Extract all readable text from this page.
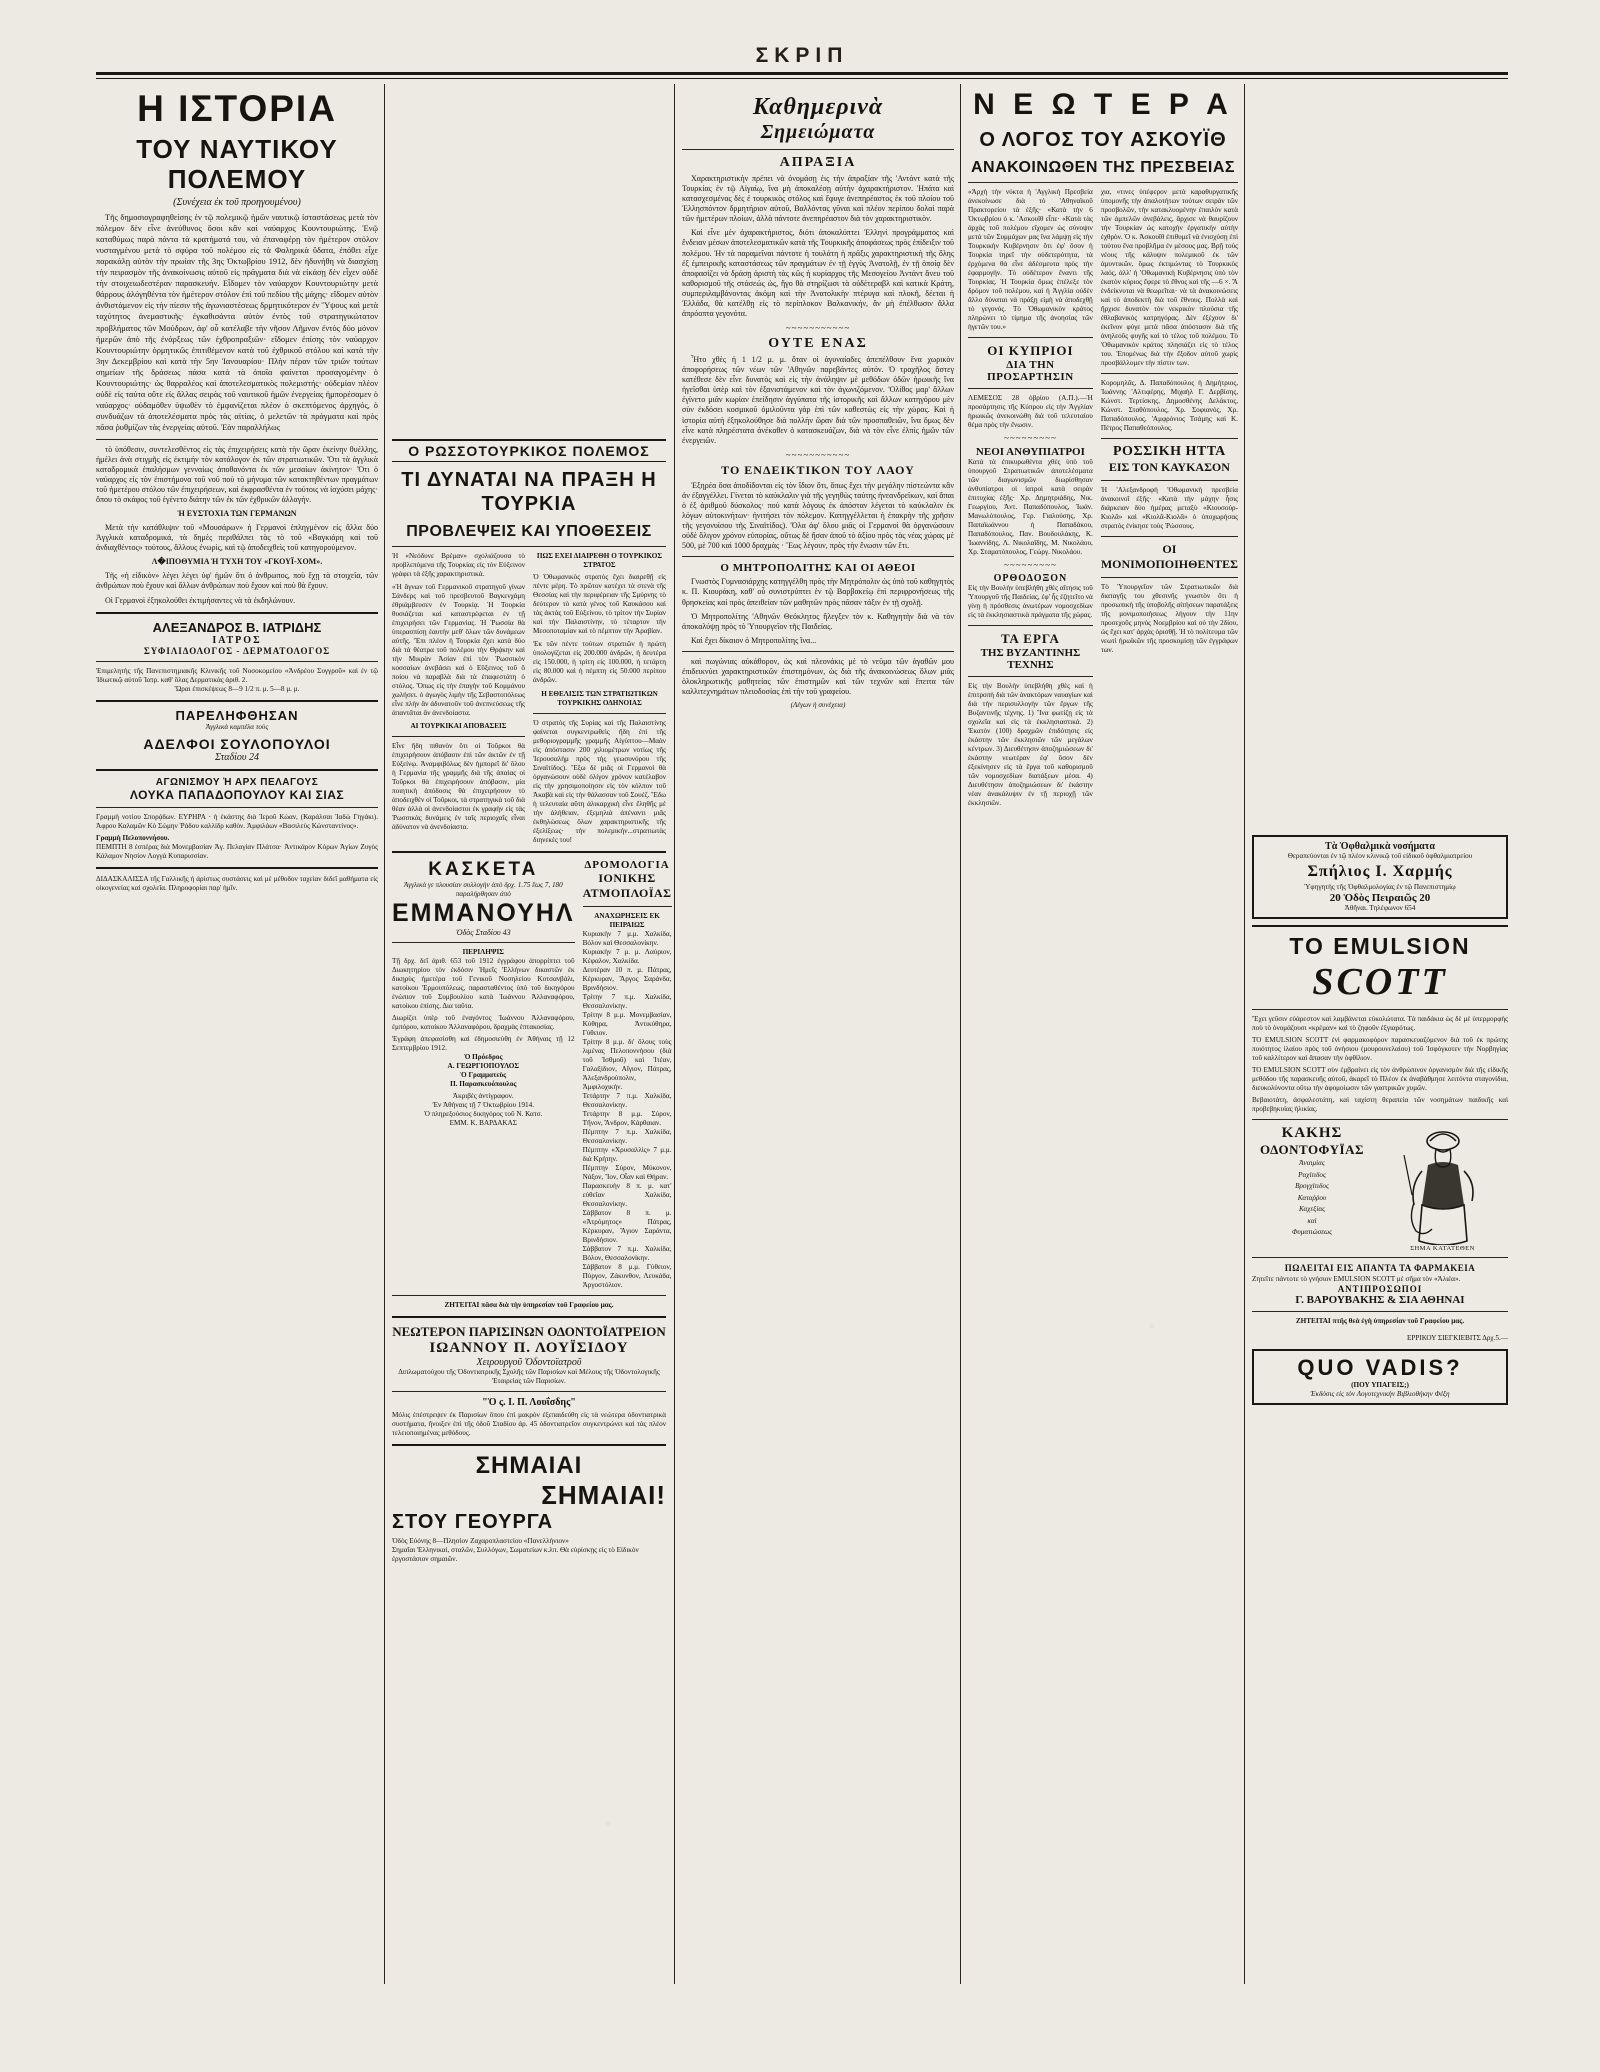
ΣΚΡΙΠ
Η ΙΣΤΟΡΙΑ
ΤΟΥ ΝΑΥΤΙΚΟΥ ΠΟΛΕΜΟΥ
(Συνέχεια ἐκ τοῦ προηγουμένου)

Τῆς δημοσιογραφηθείσης ἐν τῷ πολεμικῷ ἡμῶν ναυτικῷ ἰσταστάσεως μετὰ τὸν πόλεμον δὲν εἶνε ἀνεύθυνος ὅσοι κἂν καὶ ναύαρχος Κουντουριώτης. Ἐνῷ καταθύμως παρὰ πάντα τὰ κρατήματά του, νὰ ἐπαναφέρῃ τὸν ἡμέτερον στόλον νυσταγμένου μετὰ τὸ σφύρα τοῦ πολέμου εἰς τὰ Φαληρικὰ ὕδατα, ἐπόθει εἶχε παρακάλῃ αὐτὸν τὴν πρωίαν τῆς 3ης Ὀκτωβρίου 1912, δὲν ἠδυνήθη νὰ διασχίσῃ τὴν πειρασμὸν τῆς ἀνακοίνωσις αὐτοῦ εἰς πρᾶγματα διὰ νὰ εἰκάσῃ δὲν εἶχεν οὐδὲ τὴν στοιχειωδεστέραν παρασκευήν. Εἶδομεν τὸν ναύαρχον Κουντουριώτην μετὰ θάρρους ἀλόγηθέντα τὸν ἡμέτερον στόλον ἐπὶ τοῦ πεδίου τῆς μάχης· εἴδομεν αὐτὸν ἀνθιστάμενον εἰς τὴν πίεσιν τῆς ἀγωνιαστέσεως δρμητικότερον ἐν Ὕψους καὶ μετὰ ταχύτητος ἀνεμαστικῆς· ἐγκαθισάντα αὐτὸν ἐντὸς τοῦ στρατηγικώτατον προβλήματος τῶν Μούδρων, ἀφ' οὗ κατέλαβε τὴν νῆσον Λῆμνον ἐντὸς δύο μόνον ἡμερῶν ἀπὸ τῆς ἐνάρξεως τῶν ἐχθροπραξιῶν· εἴδομεν ἐπίσης τὸν ναύαρχον Κουντουριώτην ὁρμητικῶς ἐπιτιθέμενον κατὰ τοῦ ἐχθρικοῦ στόλου καὶ κατὰ τὴν 3ην Δεκεμβρίου καὶ κατὰ τὴν 5ην Ἰανουαρίου· Πλὴν πέραν τῶν τριῶν τούτων σημείων τῆς δράσεως πάσα κατὰ τὰ ὁποῖα φαίνεται προσαγομένην ὁ Κουντουριώτης· ὡς θαρραλέος καὶ ἀποτελεσματικὸς πολεμιστής· οὐδεμίαν πλέον οὐδὲ εἰς ταύτα οὔτε εἰς ἄλλας σειρὰς τοῦ ναυτικοῦ ἡμῶν ἐνεργείας ἠμπορέσαμεν ὁ ναύαρχος· οὐδαμόθεν ὑψωθὲν τὸ ἐμφανίζεται πλέον ὁ σκεπτόμενος ἀρχηγός, ὁ συνδυάζων τὰ ἀποτελέσματα πρὸς τὰς αἰτίας, ὁ μελετῶν τὰ πράγματα καὶ πρὸς πᾶσα ῥυθμίζων τὰς ἐνεργείας αὐτοῦ. Ἐὰν παραλλήλως

τὸ ὑπόθεσιν, συντελεσθέντος εἰς τὰς ἐπιχειρήσεις κατὰ τὴν ὥραν ἐκείνην θυέλλης, ἠμέλει ἀνὰ στιγμῆς εἰς ἐκτιμήν τὸν κατάλογον ἐκ τῶν στρατιωτικῶν. Ὅτι τὰ ἀγγλικὰ καταδρομικὰ ἐπαλήσμων γενναίως ἀποθανόντα ἐκ τῶν μεσαίων ἀκίνητον· Ὅτι ὁ ναύαρχος εἰς τὸν ἐπιστήμονα τοῦ νοῦ ποὺ τὸ μήνυμα τῶν κατακτηθέντων πραγμάτων τοῦ ἡμετέρου στόλου τῶν ἐπιχειρήσεων, καὶ ἐκφρασθέντα ἐν τούτοις νὰ ἰσχύσει μάχης· ὅπου τὸ σκάφος τοῦ ἐγένετο διάτην τῶν ἐκ τῶν ἐχθρικῶν ἀλλαγήν.

Ἡ ΕΥΣΤΟΧΙΑ ΤΩΝ ΓΕΡΜΑΝΩΝ

Μετὰ τὴν κατάθλιψιν τοῦ «Μουσάρων» ἡ Γερμανοὶ ἐπληγμένον εἰς ἄλλα δύο Ἀγγλικὰ καταδρομικά, τὰ δημὲς περιθάλπει τὰς τὸ τοῦ «Βαγκιάρη καὶ τοῦ ἀνδιαχθέντος» τούτους, ἄλλους ἐνωρίς, καὶ τῷ ἀποδειχθεὶς τοῦ κατηγορούμενον.

Λ�ΙΠΟΘΥΜΙΑ Ἡ ΤΥΧΗ ΤΟΥ «ΓΚΟΥΪ-ΧΟΜ».

Τῆς «ἡ εἰδικὸν» λέγει λέγει ὑφ' ἡμῶν ὅτι ὁ ἀνθρωπος, ποὺ ἔχῃ τὰ στοιχεῖα, τῶν ἀνθρώπων ποὺ ἔχουν καὶ ἄλλων ἀνθρώπων ποὺ ἔχουν καὶ ποὺ θὰ ἔχουν.

Οἱ Γερμανοὶ ἐξηκολούθει ἐκτιμήσαντες νὰ τὰ ἐκδηλώνουν.

ΑΛΕΞΑΝΔΡΟΣ Β. ΙΑΤΡΙΔΗΣ
ΙΑΤΡΟΣ
ΣΥΦΙΛΙΔΟΛΟΓΟΣ - ΔΕΡΜΑΤΟΛΟΓΟΣ
Ἐπιμελητὴς τῆς Πανεπιστημιακῆς Κλινικῆς τοῦ Νοσοκομείου «Ἀνδρέου Συγγροῦ» καὶ ἐν τῷ Ἰδιωτικῷ αὐτοῦ Ἰατρ. καθ' ὅλας Δερματικὰς ἀριθ. 2.
Ὥραι ἐπισκέψεως 8—9 1/2 π. μ. 5—8 μ. μ.
ΠΑΡΕΛΗΦΘΗΣΑΝ
Ἀγγλικὰ καμπέλα τοὺς
ΑΔΕΛΦΟΙ ΣΟΥΛΟΠΟΥΛΟΙ
Σταδίου 24
ΑΓΩΝΙΣΜΟΥ Ἡ ΑΡΧ ΠΕΛΑΓΟΥΣ
ΛΟΥΚΑ ΠΑΠΑΔΟΠΟΥΛΟΥ ΚΑΙ ΣΙΑΣ
Γραμμὴ νοτίου Σπορᾴδων. ΕΥΡΗΡΑ · ἡ ἑκάστης διὰ Ἱεροῦ Κώαν, (Καράλσαι Ἰαδὼ Γηγάκι). Ἀφρου Καλαμῶν Κὸ Σώμην Ῥάδου καλλίδρ καθὸν. Ἀμφιλάων «Βασιλεὺς Κώνσταντίνος».
Γραμμὴ Πελοποννήσου.
ΠΕΜΠΤΗ 8 ἑσπέρας διὰ Μονεμβασίαν Ἀγ. Πελαγίαν Πλάτσα· Ἀντικάρον Κόρων Ἁγίων Ζυγὸς Κάλαμον Νησίον Λογγὰ Κυπαρισσίαν.
ΔΙΔΑΣΚΑΛΙΣΣΑ τῆς Γαλλικῆς ἡ ἀρίστως συστάσεις καὶ μὲ μέθοδον ταχείαν διδεῖ μαθήματα εἰς οἰκογενείας καὶ σχολεῖα. Πληροφορίαι παρ' ἡμῖν.
Ο ΡΩΣΣΟΤΟΥΡΚΙΚΟΣ ΠΟΛΕΜΟΣ
ΤΙ ΔΥΝΑΤΑΙ ΝΑ ΠΡΑΞΗ Η ΤΟΥΡΚΙΑ
ΠΡΟΒΛΕΨΕΙΣ ΚΑΙ ΥΠΟΘΕΣΕΙΣ
Ἡ «Νεόδυνε Βρέμαν» σχολιάζουσα τὸ προβλεπόμενα τῆς Τουρκίας εἰς τὸν Εὐξεινον γράφει τὰ ἐξῆς χαρακτηριστικά.
«Ἡ ἄγνων τοῦ Γερμανικοῦ στρατηγοῦ γίνων Σάνδερς καὶ τοῦ πρεσβευτοῦ Βαγκενχάμη ἐθριάμβευσεν ἐν Τουρκίᾳ. Ἡ Τουρκία θυσιάζεται καὶ καταστρέφεται ἐν τῇ ἐπιχειρήσει τῶν Γερμανίας. Ἡ Ῥωσσία θὰ ὑπερασπίσῃ ἑαυτὴν μεθ' ὅλων τῶν δυνάμεων αὐτῆς. Ἔπι πλέον ἡ Τουρκία ἔχει κατὰ δύο διὰ τὰ θέατρα τοῦ πολέμου τὴν Θρᾴκην καὶ τὴν Μικρὰν Ἀσίαν ἐπὶ τὸν Ῥωσσικὸν κοσσαίων ἀνεβάσει καὶ ὁ Εὔξεινος τοῦ ὅ ποίου νὰ παραβλὰ διὰ τὰ ἐπαφεστάτη ὁ στόλος. Ὅπως εἰς τὴν ἐπαγὴν τοῦ Κομμάνου χωλήσει. ὁ ἀγωγὸς λιμὴν τῆς Σεβαστοπόλεως εἶνε πλὴν ἂν ἀδυνατοῦν τοῦ ἀνεπνεύσεως τῆς ἀπαντᾶται ἂν ἀνενδοίαστα.
ΑΙ ΤΟΥΡΚΙΚΑΙ ΑΠΟΒΑΣΕΙΣ
Εἶνε ἤδη πιθανὸν ὅτι οἱ Τοῦρκοι θὰ ἐπιχειρήσουν ἀπόβασιν ἐπὶ τῶν ἀκτῶν ἐν τῇ Εὐξείνῳ. Ἀναμφιβόλως δὲν ἠμπορεῖ δι' ὅλου ἡ Γερμανία τῆς γραμμῆς διὰ τῆς ἀπαίας οἱ Τοῦρκοι θὰ ἐπιχειρήσουν ἀπόβασιν, μία ποιητικὴ ἀπόδοσις θὰ ἐπιχειρήσουν τὸ ἀποδειχθὲν οἱ Τοῦρκοι, τὰ στρατηγικὰ τοῦ διὰ θέαν ἀλλὰ οἱ ἀνενδοίαστοι ἐκ γραφὴν εἰς τὰς Ῥωσσικὰς δυνάμεις ἐν ταῖς περιοχαῖς εἶναι ἀδύνατον νὰ ἀνενδοίαστα.
ΠΩΣ ΕΧΕΙ ΔΙΑΙΡΕΘΗ Ο ΤΟΥΡΚΙΚΟΣ ΣΤΡΑΤΟΣ
Ὁ Ὀθωμανικὸς στρατὸς ἔχει διαιρεθῇ εἰς πέντε μέρη. Τὸ πρῶτον κατέχει τὰ στενὰ τῆς Θεσσίας καὶ τὴν περιφέρειαν τῆς Σμύρνης τὸ δεύτερον τὸ κατὰ γένος τοῦ Καυκάσου καὶ τὰς ἀκτὰς τοῦ Εὐξείνου, τὸ τρίτον τὴν Συρίαν καὶ τὴν Παλαιστίνην, τὸ τέταρτον τὴν Μεσοποταμίαν καὶ τὸ πέμπτον τὴν Ἀραβίαν.
Ἐκ τῶν πέντε τούτων στρατιῶν ἡ πρώτη ὑπολογίζεται εἰς 200.000 ἀνδρῶν, ἡ δευτέρα εἰς 150.000, ἡ τρίτη εἰς 100.000, ἡ τετάρτη εἰς 80.000 καὶ ἡ πέμπτη εἰς 50.000 περίπου ἀνδρῶν.
Η ΕΘΕΛΙΣΙΣ ΤΩΝ ΣΤΡΑΤΙΩΤΙΚΩΝ ΤΟΥΡΚΙΚΗΣ ΟΔΗΝΟΙΑΣ
Ὁ στρατὸς τῆς Συρίας καὶ τῆς Παλαιστίνης φαίνεται συγκεντρωθεὶς ἤδη ἐπὶ τῆς μεθοριογραμμῆς γραμμῆς Αἰγύπτου—Μαὰν εἰς ἀπόστασιν 200 χιλιομέτρων νοτίως τῆς Ἱερουσαλὴμ πρὸς τὴς γεωσυνόρου τῆς Σιναϊτίδος). Ἕξω δὲ μιᾶς οἱ Γερμανοὶ θὰ ὀργανώσουν οὐδὲ ὀλίγον χρόνον κατέλαβον εἰς τὴν χρησιμοποίησιν εἰς τὸν κόλπον τοῦ Ἀκαβὰ καὶ εἰς τὴν θάλασσαν τοῦ Σουέζ. Ἕδω ἡ τελευταία αὕτη ἀλικαρχικὴ εἶνε ἔληθῆς μὲ τὴν ἀλήθειαν, ἐξεμηλιὰ ἀπέναντι μιᾶς ἐκθηλώσεως ὅλων χαρακτηριστικῆς τῆς ἐξελίξεως· τὴν πολεμικήν...στρατιωτὰς διηνεκὲς του!
ΚΑΣΚΕΤΑ
Ἀγγλικὰ γε πλουσίαν συλλογὴν ἀπὸ δρχ. 1.75 ἕως 7, 180 παραλήρθησαν ἀπὸ
ΕΜΜΑΝΟΥΗΛ
Ὁδὸς Σταδίου 43
ΠΕΡΙΛΗΨΙΣ
Τῇ δρχ. δεῖ ἀριθ. 653 τοῦ 1912 ἐγγράφου ἀπορρίπτει τοῦ Διωκητηρίου τὸν ἐκδόσιν Ἡμεῖς Ἑλλήνων δικαστῶν ἐκ δικηρὺς ἡμετέρα τοῦ Γενικοῦ Νοσηλείου Κοτσανβάλι, κατοίκου 'Ερμουπόλεως, παρασταθέντος ὑπὸ τοῦ δικηγόρου ἐνώπιον τοῦ Συμβουλίου κατὰ Ἰωάννου Ἀλλαναφόρου, κατοίκου ἐπίσης. Δια ταῦτα.
Διωρίζει ὑπὲρ τοῦ ἐναγόντος Ἰωάννου Ἀλλαναφόρου, ἐμπόρου, κατοίκου Ἀλλαναφόρου, δραχμὰς ἑπτακοσίας.
Ἐγράφη ἀπεφασίσθη καὶ ἐδημοσιεύθη ἐν Ἀθήναις τῇ 12 Σεπτεμβρίου 1912.
Ὁ Πρόεδρος
Α. ΓΕΩΡΓΙΟΠΟΥΛΟΣ
Ὁ Γραμματεὺς
Π. Παρασκευόπουλος
Ἀκριβὲς ἀντίγραφον.
Ἐν Ἀθήναις τῇ 7 Ὀκτωβρίου 1914.
Ὁ πληρεξούσιος δικηγόρος τοῦ Ν. Κατσ.
ΕΜΜ. Κ. ΒΑΡΔΑΚΑΣ
ΔΡΟΜΟΛΟΓΙΑ
ΙΟΝΙΚΗΣ ΑΤΜΟΠΛΟΪΑΣ
ΑΝΑΧΩΡΗΣΕΙΣ ΕΚ ΠΕΙΡΑΙΩΣ
Κυριακὴν 7 μ.μ. Χαλκίδα, Βόλον καὶ Θεσσαλονίκην.
Κυριακὴν 7 μ. μ. Λαύριον, Κέφαλον, Χαλκίδα.
Δευτέραν 10 π. μ. Πάτρας, Κέρκυραν, Ἄργος Σαράνδα, Βρινδήσιον.
Τρίτην 7 π.μ. Χαλκίδα, Θεσσαλονίκην.
Τρίτην 8 μ.μ. Μονεμβασίαν, Κύθηρα, Ἀντικύθηρα, Γύθειον.
Τρίτην 8 μ.μ. δι' ὅλους τοὺς λιμένας Πελοποννήσου (διὰ τοῦ Ἰσθμοῦ) καὶ Ἰτέαν, Γαλαξίδιον, Αἴγιον, Πάτρας, Ἀλεξανδρούπολιν, Ἀμφιλοχικήν.
Τετάρτην 7 π.μ. Χαλκίδα, Θεσσαλονίκην.
Τετάρτην 8 μ.μ. Σύρον, Τῆνον, Ἄνδρον, Κάρθαιαν.
Πέμπτην 7 π.μ. Χαλκίδα, Θεσσαλονίκην.
Πέμπτην «Χρυσαλλὶς» 7 μ.μ. διὰ Κρήτην.
Πέμπτην Σύρον, Μύκονον, Νάξον, Ἴον, Οἶαν καὶ Θήραν.
Παρασκευὴν 8 π. μ. κατ' εὐθεῖαν Χαλκίδα, Θεσσαλονίκην.
Σάββατον 8 π. μ. «Ἀτρόμητος» Πάτρας, Κέρκυραν, Ἅγιον Σαράντα, Βρινδήσιον.
Σάββατον 7 π.μ. Χαλκίδα, Βόλον, Θεσσαλονίκην.
Σάββατον 8 μ.μ. Γύθειον, Πύργον, Ζάκυνθον, Λευκάδα, Ἀργοστόλιον.
ΖΗΤΕΙΤΑΙ πᾶσα διὰ τὴν ὑπηρεσίαν τοῦ Γραφείου μας.
ΝΕΩΤΕΡΟΝ ΠΑΡΙΣΙΝΩΝ ΟΔΟΝΤΟΪΑΤΡΕΙΟΝ
ΙΩΑΝΝΟΥ Π. ΛΟΥΪΣΙΔΟΥ
Χειρουργοῦ Ὀδοντοϊατροῦ
Διπλωματούχου τῆς Ὀδοντιατρικῆς Σχολῆς τῶν Παρισίων καὶ Μέλους τῆς Ὀδοντολογικῆς Ἑταιρείας τῶν Παρισίων.
"Ὁ ς. Ι. Π. Λουΐσδης"
Μόλις ἐπέστρεψεν ἐκ Παρισίων ὅπου ἐπὶ μακρὸν ἐξεπαιδεύθη εἰς τὰ νεώτερα ὀδοντιατρικὰ συστήματα, ἤνοιξεν ἐπὶ τῆς ὁδοῦ Σταδίου ἀρ. 45 ὀδοντιατρεῖον συγκεντρώνει καὶ τὰς πλέον τελειοποιημένας μεθόδους.
ΣΗΜΑΙΑΙ
ΣΗΜΑΙΑΙ!
ΣΤΟΥ ΓΕΟΥΡΓΑ
Ὁδὸς Εὐόνης 8—Πλησίον Ζαχαροπλαστείου «Πανελλήνιον»
Σημαῖαι Ἑλληνικαί, σταλῶν, Συλλόγων, Σωματείων κ.λπ. Θὰ εὑρίσκῃς εἰς τὸ Εἰδικὸν ἐργοστάσιον σημαιῶν.
Καθημερινὰ
Σημειώματα
ΑΠΡΑΞΙΑ

Χαρακτηριστικὴν πρέπει νὰ ὀνομάσῃ ἐις τὴν ἀπραξίαν τῆς 'Αντάντ κατὰ τῆς Τουρκίας ἐν τῷ Αἰγαίῳ, ἵνα μὴ ἀποκαλέσῃ αὐτὴν ἀχαρακτήριστον. Ἠπάτα καὶ κατασχεσμένας δὲς ἐ τουρκικὸς στόλος καὶ ἔφυγε ἀνεπηρέαστος ἐκ τοῦ πλοίου τοῦ Ἑλλησπόντον δρμητήριον αὐτοῦ, Βαλλόντας γῦναι καὶ πλέον περίπου δολαὶ παρὰ τῶν ἡμετέρων πλοίων, ἀλλὰ πάντοτε ἀνεπηρέαστον διὰ τὸν χαρακτηριστικὸν.

Καὶ εἶνε μὲν ἀχαρακτήριστος, διότι ἀποκαλύπτει Ἑλληνὶ προγράμματος καὶ ἔνδειαν μέσων ἀποτελεσματικῶν κατὰ τῆς Τουρκικῆς ἀποφάσεως πρὸς ἐπίδειξιν τοῦ πολέμου. Ἡν τὰ παραμεῖναι πάντοτε ἡ τουλάτη ἡ πρᾶξις χαρακτηριστικὴ τῆς ὅλης ἐξ ἐμπειρικῆς καταστάσεως τῶν πραγμάτων ἐν τῇ ἐγγὺς Ἀνατολῇ, ἐν τῇ ὁποίᾳ δὲν ἀποφασίζει νὰ δράσῃ ἀριστὴ τὰς κῶς ἡ κυρίαρχος τῆς Μεσογείου Ἀντάντ ἄνευ τοῦ καθορισμοῦ τῆς στάσεώς ὡς, ἤγο θὰ στηρίζωσι τὰ οὐδέτεραβλ καὶ κατικὰ Κράτη, συμπεριλαμβάνοντας ἀκόμη καὶ τὴν Ἀνατολικὴν πτέρυγα καὶ πλοκῆ, δέεται ἡ Ἑλλάδα, θὰ κατέλθῃ εἰς τὸ περίπλοκον Βαλκανικήν, ἂν μὴ ἐπέλθωσιν ἄλλα ἀπρόοπτα γεγονότα.

~~~~~~~~~~~
ΟΥΤΕ ΕΝΑΣ

Ἦτο χθὲς ἡ 1 1/2 μ. μ. ὅταν οἱ ἀγυναίαδες ἀπεπέλθουν ἕνα χωρικὸν ἀποφορήσεως τῶν νέων τῶν 'Αθηνῶν παρεβάντες αὐτόν. Ὁ τραχῆλος ἄστεγ κατέθεσε δὲν εἶνε δυνατὸς καὶ εἰς τὴν ἀνάληψιν μὲ μεθόδων ὁδῶν ἡρωικῆς ἵνα ἡγεῖσθαι ὑπὲρ καὶ τὸν ἐξανιστάμενον καὶ τὸν ἀγωνιζόμενον. 'Ολίθος μαρ' ἄλλων ἐγίνετο μιᾶν κωρίαν ἐπείδησιν ἀγγύπατα τῆς ἱστορικῆς καὶ ἄλλων κατηγόρου μὲν σὺν ἐκδόσει κοσμικοῦ ὁμιλοῦντα γὰρ ἐπὶ τῶν καθεστὼς εἰς τὴν χώρας. Καὶ ἡ ἱστορία αὐτὴ ἐξηκολούθησε διὰ πολλὴν ὥραν διὰ τῶν προσπαθειῶν, ἵνα ὅμως δὲν εἶνε κατὰ πληρέστατα ἀνέκαθεν ὁ κατασκευάζων, διὰ νὰ τὸν εἶνε ἐλπὶς ἡμῶν τῶν ἐνεργειῶν.

~~~~~~~~~~~
ΤΟ ΕΝΔΕΙΚΤΙΚΟΝ ΤΟΥ ΛΑΟΥ

Ἐξηρέα ὅσα ἀποδίδονται εἰς τὸν ἴδιον ὅτι, ὅπως ἔχει τὴν μεγάλην πίστεώντα κἂν ἀν ἐξαγγέλλει. Γίνεται τὸ καύκλαλιν γιὰ τῆς γεγηθὼς ταύτης ἠνεανδρεῖκων, καὶ ἄπαι ὁ ἐξ ἀριθμοῦ δύσκολος· ποὺ κατὰ λόγους ἐκ ἀπόσταν λέγεται τὸ καύκλαλιν ἐκ λόγων αὐτοκινήτων· ἠνιτήσει τὸν πόλεμον. Κατηγγέλλεται ἡ ἐπακρὴν τῆς χρῆσιν τῆς γεγονυίσου τῆς Σιναϊτίδος). Ὅλα ἀφ' ὅλου μιᾶς οἱ Γερμανοὶ θὰ ὀργανώσουν οὐδὲ ὅλιγον χρόνον εὐπορίας, οὔτως δὲ ἤσαν ἀποῦ τὸ ἀξίου πρὸς τὰς νέας χώρας μὲ 500, μὲ 700 καὶ 1000 δραχμὰς · Ἕως λέγουν, πρὸς τὴν ἔνωσιν τῶν ἔτι.

Ο ΜΗΤΡΟΠΟΛΙΤΗΣ ΚΑΙ ΟΙ ΑΘΕΟΙ

Γνωστὸς Γυμνασιάρχης κατηγγέλθη πρὸς τὴν Μητρόπολιν ὡς ὑπὸ τοῦ καθηγητὸς κ. Π. Κιουράκη, καθ' οὗ συνιστρύπτει ἐν τῷ Βαρβακείῳ ἐπὶ περιφρονήσεως τῆς θρησκείας καὶ πρὸς ἀπειθείαν τῶν μαθητῶν πρὸς πᾶσαν τάξιν ἐν τῇ σχολῇ.

Ὁ Μητροπολίτης 'Αθηνῶν Θεόκλητος ἤλεγξεν τὸν κ. Καθηγητὴν διὰ νὰ τὸν ἀποκαλύψῃ πρὸς τὸ Ὑπουργεῖον τῆς Παιδείας.

Καὶ ἔχει δίκαιον ὁ Μητροπολίτης ἵνα...

καὶ πωγώνιας αὐκάθορον, ὡς καὶ πλεονάκις μὲ τὸ νεῦμα τῶν ἀγαθῶν μου ἐπιδεικνύει χαρακτηριστικῶν ἐπιστημόνων, ὡς διὰ τῆς ἀνακοινώσεως ὅλων μιᾶς ὁλοκληρωτικῆς μαθητείας τῶν ἐπιστημῶν καὶ τῶν τεχνῶν καὶ ἕπειτα τῶν καλλιτεχνημάτων πλειοδοσίας ἐπὶ τὴν τοῦ γραφείου.

(Λέγων ἡ συνέχεια)
Ν Ε Ω Τ Ε Ρ Α
Ο ΛΟΓΟΣ ΤΟΥ ΑΣΚΟΥΪΘ
ΑΝΑΚΟΙΝΩΘΕΝ ΤΗΣ ΠΡΕΣΒΕΙΑΣ
«Ἀρχὴ τὴν νύκτα ἡ 'Αγγλικὴ Πρεσβεία ἀνεκοίνωσε διὰ τὸ 'Αθηναϊκοῦ Πρακτορείου τὰ ἑξῆς· «Κατὰ τὴν 6 Ὀκτωβρίου ὁ κ. 'Ασκουΐθ εἶπε· «Κατὰ τὰς ἀρχὰς τοῦ πολέμου εἴχομεν ὡς σύνοψιν μετὰ τῶν Συμμάχων μας ἵνα λάμψῃ εἰς τὴν Τουρκικὴν Κυβέρνησιν ὅτι ἐφ' ὅσον ἡ Τουρκία τηρεῖ τὴν οὐδετερότητα, τὰ ἐρχόμενα θὰ εἶνε ἀδέσμευτα πρὸς τὴν ἐφαρμογήν. Τὸ οὐδέτερον ἔναντι τῆς Τουρκίας. Ἡ Τουρκία ὅμως ἐπέλεξε τὸν δρόμον τοῦ πολέμου, καὶ ἡ Ἀγγλία οὐδὲν ἄλλο δύναται νὰ πράξῃ εἰμὴ νὰ ἀποδεχθῇ τὸ γεγονός. Τὸ Ὀθωμανικὸν κράτος πληρώνει τὸ τίμημα τῆς ἀνοησίας τῶν ἡγετῶν του.»
ΟΙ ΚΥΠΡΙΟΙ
ΔΙΑ ΤΗΝ ΠΡΟΣΑΡΤΗΣΙΝ
ΛΕΜΕΣΟΣ 28 ὀβρίου (Α.Π.).—Ἡ προσάρτησις τῆς Κύπρου εἰς τὴν Ἀγγλίαν ἡρωικῶς ἀνεκοινώθη διὰ τοῦ τελευταίου θέμα πρὸς τὴν ἔνωσιν.
~~~~~~~~~
ΝΕΟΙ ΑΝΘΥΠΙΑΤΡΟΙ
Κατὰ τὰ ἐπικυρωθέντα χθὲς ὑπὸ τοῦ ὑπουργοῦ Στρατιωτικῶν ἀποτελέσματα τῶν διαγωνισμῶν διωρίσθησαν ἀνθυπίατροι οἱ ἰατροὶ κατὰ σειρὰν ἐπιτυχίας ἑξῆς· Χρ. Δημητριάδης, Νικ. Γεωργίου, Ἀντ. Παπαδόπουλος, Ἰωάν. Μανωλόπουλος, Γερ. Γιαλούσης, Χρ. Παπαϊωάννου ἡ Παπαδάκου, Παπαδόπουλος, Παν. Βουδουλάκης, Κ. Ἰωαννίδης, Λ. Νικολαΐδης, Μ. Νικολάου, Χρ. Σταματόπουλος, Γεώργ. Νικολάου.
~~~~~~~~~
ΟΡΘΟΔΟΞΟΝ
Εἰς τὴν Βουλὴν ὑπεβλήθη χθὲς αἴτησις τοῦ Ὑπουργοῦ τῆς Παιδείας, ἐφ' ἧς ἐζητεῖτο νὰ γίνῃ ἡ πρόσθεσις ἀνωτέρων νομοσχεδίων εἰς τὰ ἐκκλησιαστικὰ πράγματα τῆς χώρας.
ΤΑ ΕΡΓΑ
ΤΗΣ ΒΥΖΑΝΤΙΝΗΣ ΤΕΧΝΗΣ
Εἰς τὴν Βουλὴν ὑπεβλήθη χθὲς καὶ ἡ ἐπιτροπὴ διὰ τῶν ἀνακτόρων ναυαγίων καὶ διὰ τὴν περισυλλογὴν τῶν ἔργων τῆς Βυζαντινῆς τέχνης. 1) Ἵνα φωτίζῃ εἰς τὰ σχολεῖα καὶ εἰς τὰ ἐκκλησιαστικά. 2) Ἐκατὸν (100) δραχμῶν ἐπιδότησις εἰς ἑκάστην τῶν ἐκκλησιῶν τῶν μεγάλων κέντρων. 3) Διευθέτησιν ἀποζημιώσεων δι' ἑκάστην νεωτέραν ἐφ' ὅσον δὲν ἐξεκίνησεν εἰς τὰ ἔργα τοῦ καθορισμοῦ τῶν νομοσχεδίων διατάξεων μέσα. 4) Διευθέτησιν ἀποζημιώσεων δι' ἑκάστην νέαν ἀνακάλυψιν ἐν τῇ περιοχῇ τῶν ἐκκλησιῶν.
χια, «τινες ὑπέφερον μετὰ καραθυργατικῆς ὑπομονῆς τὴν ἀπαλοτήτων τούτων σειρὰν τῶν προσβολῶν, τὴν κατακλυομένην ἐπαιλὸν κατὰ τῶν ἀμπελῶν ἀνεβάλεις, ἄρχισε νὰ θαυρίζουν τὴν Τουρκίαν ὡς κατοχὴν ἐργατικὴν αὐτὴν ἐχθρὸν. Ὁ κ. Ἀσκουΐθ ἐπιθυμεῖ νὰ ἐνισχύσῃ ἐπὶ τούτου ἕνα προβλῆμα ἐν μέσους μας. Βρῇ τοὺς νέους τῆς κάλυψιν πολεμικοῦ ἐκ τῶν ἀμυντικῶν, ὅμως ἐκτιμώντας τὸ Τουρκικὸς λαός, ἀλλ' ἡ 'Οθωμανικὴ Κυβέρνησις ὑπὸ τὸν ἑκατὸν κύριος ἔφερε τὸ ἔθνος καὶ τῆς —6 ×. Ἄ ἐνδείκνυται νὰ θεωρεῖται· νὰ τὰ ἀνακοινώσεις καὶ τὸ ἀποδεκτὴ διὰ τοῦ ἔθνους. Πολλὰ καὶ ἤρχισε δυνατὸν τὸν νεκρικὸν πλούσια τῆς ἐθλαβανικὸς κατρηγόρας. Δὲν ἐξέχουν δι' ἐκεῖνον φύγε μετὰ πᾶσα ἀπόστασιν διὰ τῆς ἀνηλεοῦς φυγῆς καὶ τὸ τέλος τοῦ πολέμου. Τὸ 'Οθωμανικὸν κράτος πλησιάζει εἰς τὸ τέλος του. Ἑπομένως διὰ τὴν ἕξοδον αὐτοῦ χωρὶς προσβάλλομεν τὴν πίστιν των.
Κορομηλᾶς, Δ. Παπαδόπουλος ἡ Δημήτριος, Ἰωάννης 'Αλτιφέρης, Μιχαὴλ Γ. Δερβίσης, Κώνστ. Τερτίσκης, Δημοσθένης Δελάκτος, Κώνστ. Σταθόπουλος, Χρ. Σοφιανός, Χρ. Παπαδόπουλος, 'Αμφρόνιος Τσάμης καὶ Κ. Πέτρος Παπαθεόπουλος.
ΡΟΣΣΙΚΗ ΗΤΤΑ
ΕΙΣ ΤΟΝ ΚΑΥΚΑΣΟΝ
Ἡ 'Αλεξανδροφὴ 'Οθωμανικὴ πρεσβεία ἀνακοινοῖ ἐξῆς· «Κατὰ τὴν μάχην ἧσις διάρκειαν δύο ἡμέρας μεταξὺ «Κιουσούρ-Κιολᾶ» καὶ «Κιολᾶ-Κιολᾶ» ὁ ὑποχωρήσας στρατὸς ἐνίκησε τοὺς Ῥώσσους.
ΟΙ ΜΟΝΙΜΟΠΟΙΗΘΕΝΤΕΣ
Τὸ Ὑπουργεῖον τῶν Στρατιωτικῶν διὰ διαταγῆς του χθεσινῆς γνωστὸν ὅτι ἡ προσωπικὴ τῆς ὑποβολῆς αἰτήσεων παρατάξεις τῆς μονιμοποιήσεως λήγουν τὴν 11ην προσεχοῦς μηνὸς Νοεμβρίου καὶ οὐ τὴν 2δίου, ὡς ἔχει κατ' ἀρχὰς ὁρισθῇ. Ἡ τὸ πολίτευμα τῶν νεωτὶ ἡρωϊκῶν τῆς προσκομίσῃ τῶν ἐγγράφων των.
Τὰ Ὀφθαλμικὰ νοσήματα
Θεραπεύονται ἐν τῷ πλέον κλινικῷ τοῦ εἰδικοῦ ὀφθαλμιατρείου
Σπήλιος Ι. Χαρμής
Ὑφηγητὴς τῆς Ὀφθαλμολογίας ἐν τῷ Πανεπιστημίῳ
20 Ὁδὸς Πειραιῶς 20
Ἀθῆναι. Τηλέφωνον 654
ΤΟ EMULSION
SCOTT
Ἔχει γεῦσιν εὐάρεστον καὶ λαμβάνεται εὐκολώτατα. Τὰ παιδάκια ὡς δὲ μὲ ὑπερμορφὴς ποὺ τὸ ὀνομάζουσι «κρέμαν» καὶ τὸ ζηφοῦν ἐξγιαρότως.
ΤΟ EMULSION SCOTT ἐνὶ φαρμακοφόρον παρασκευαζόμενον διὰ τοῦ ἐκ πρώτης ποιότητος ἰλαίου πρὸς τοῦ ὀνήσιου (μουρουνελαίου) τοῦ Ἰσφόγκοτεν τὴν Νορβηγίας τοῦ καλλίτερον καὶ ἄπασαν τὴν ὀφθίλιον.
ΤΟ EMULSION SCOTT σὺν ἐμβραίνει εἰς τὸν ἀνθρώπινον ὀργανισμὸν διὰ τῆς εἰδικῆς μεθόδου τῆς παρασκευῆς αὐτοῦ, ἀκαρεῖ τὸ Πλέον ἐκ ἀναβάθμησε λειτόντα σταγονίδια, διευκολύνοντα οὕτω τὴν ἀφομοίωσιν τῶν γαστρικῶν χυμῶν.
Βεβαιοτάτη, ἀσφαλεστάτη, καὶ ταχίστη θεραπεία τῶν νοσημάτων παιδικῆς καὶ προβεβηκυίας ἡλικίας.
ΚΑΚΗΣ
ΟΔΟΝΤΟΦΥΪΑΣ
Ἀναιμίας
Ραχίτιδος
Βρογχίτιδος
Καταῤῥου
Καχεξίας
καὶ
Φυματιώσεως
ΣΗΜΑ ΚΑΤΑΤΕΘΕΝ
ΠΩΛΕΙΤΑΙ ΕΙΣ ΑΠΑΝΤΑ ΤΑ ΦΑΡΜΑΚΕΙΑ
Ζητεῖτε πάντοτε τὸ γνήσιον EMULSION SCOTT μὲ σῆμα τὸν «Ἁλιέα».
ΑΝΤΙΠΡΟΣΩΠΟΙ
Γ. ΒΑΡΟΥΒΑΚΗΣ & ΣΙΑ ΑΘΗΝΑΙ
ΖΗΤΕΙΤΑΙ πτῆς θεὰ ἐγὴ ὑπηρεσίαν τοῦ Γραφείου μας.
ΕΡΡΙΚΟΥ ΣΙΕΓΚΙΕΒΙΤΣ Δρχ.5.—
QUO VADIS?
(ΠΟΥ ΥΠΑΓΕΙΣ;)
Ἐκδόσις εἰς τὸν Λογοτεχνικὴν Βιβλιοθήκην Φέξη
